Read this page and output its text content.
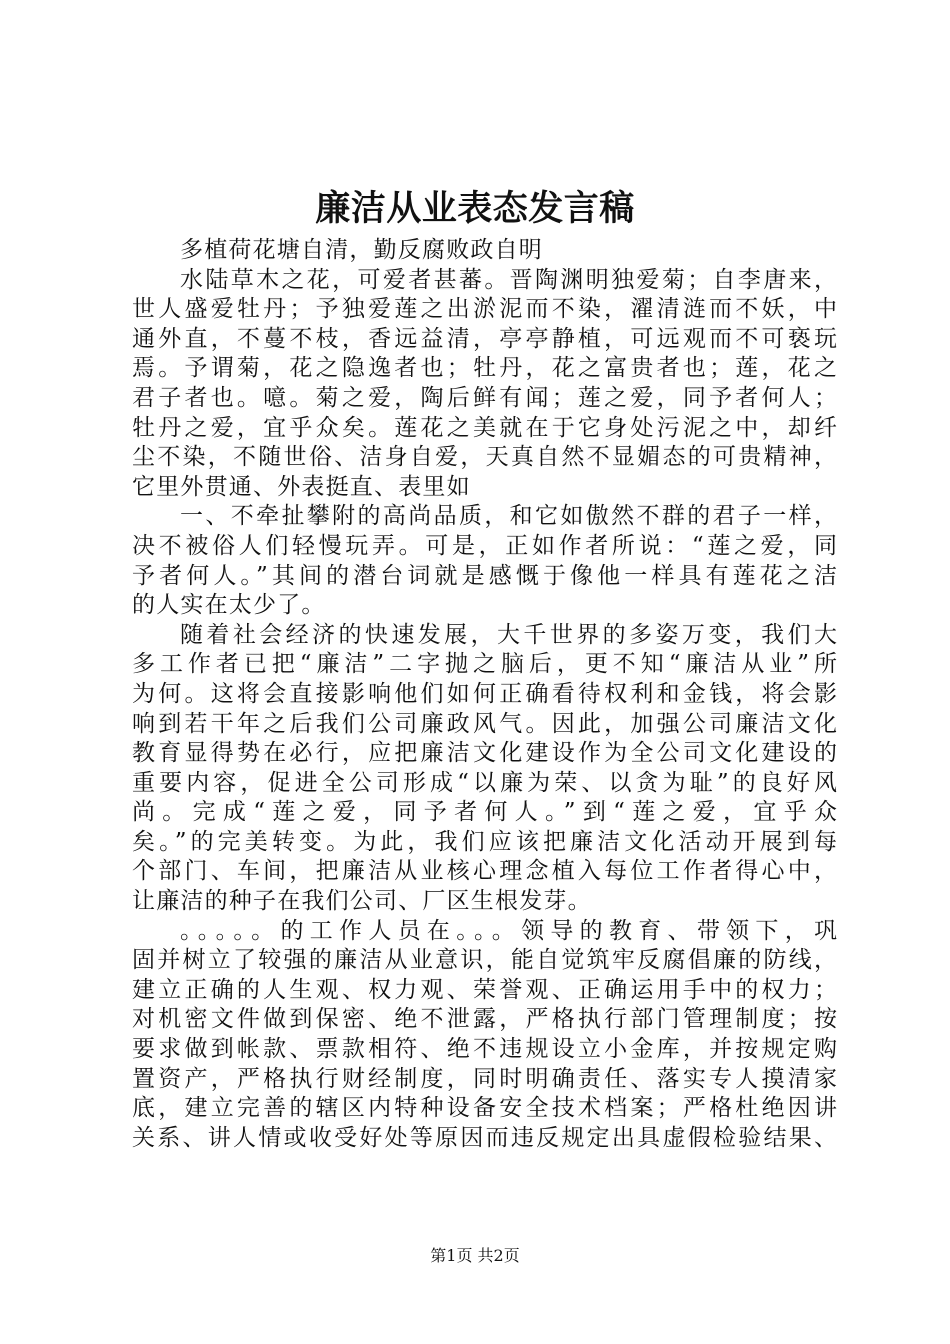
廉洁从业表态发言稿
多植荷花塘自清，勤反腐败政自明
水陆草木之花，可爱者甚蕃。晋陶渊明独爱菊；自李唐来，
世人盛爱牡丹；予独爱莲之出淤泥而不染，濯清涟而不妖，中
通外直，不蔓不枝，香远益清，亭亭静植，可远观而不可亵玩
焉。予谓菊，花之隐逸者也；牡丹，花之富贵者也；莲，花之
君子者也。噫。菊之爱，陶后鲜有闻；莲之爱，同予者何人；
牡丹之爱，宜乎众矣。莲花之美就在于它身处污泥之中，却纤
尘不染，不随世俗、洁身自爱，天真自然不显媚态的可贵精神，
它里外贯通、外表挺直、表里如
一、不牵扯攀附的高尚品质，和它如傲然不群的君子一样，
决不被俗人们轻慢玩弄。可是，正如作者所说：“莲之爱，同
予者何人。”其间的潜台词就是感慨于像他一样具有莲花之洁
的人实在太少了。
随着社会经济的快速发展，大千世界的多姿万变，我们大
多工作者已把“廉洁”二字抛之脑后，更不知“廉洁从业”所
为何。这将会直接影响他们如何正确看待权利和金钱，将会影
响到若干年之后我们公司廉政风气。因此，加强公司廉洁文化
教育显得势在必行，应把廉洁文化建设作为全公司文化建设的
重要内容，促进全公司形成“以廉为荣、以贪为耻”的良好风
尚。完成“莲之爱，同予者何人。”到“莲之爱，宜乎众
矣。”的完美转变。为此，我们应该把廉洁文化活动开展到每
个部门、车间，把廉洁从业核心理念植入每位工作者得心中，
让廉洁的种子在我们公司、厂区生根发芽。
。。。。。的工作人员在。。。领导的教育、带领下，巩
固并树立了较强的廉洁从业意识，能自觉筑牢反腐倡廉的防线，
建立正确的人生观、权力观、荣誉观、正确运用手中的权力；
对机密文件做到保密、绝不泄露，严格执行部门管理制度；按
要求做到帐款、票款相符、绝不违规设立小金库，并按规定购
置资产，严格执行财经制度，同时明确责任、落实专人摸清家
底，建立完善的辖区内特种设备安全技术档案；严格杜绝因讲
关系、讲人情或收受好处等原因而违反规定出具虚假检验结果、
第1页 共2页
